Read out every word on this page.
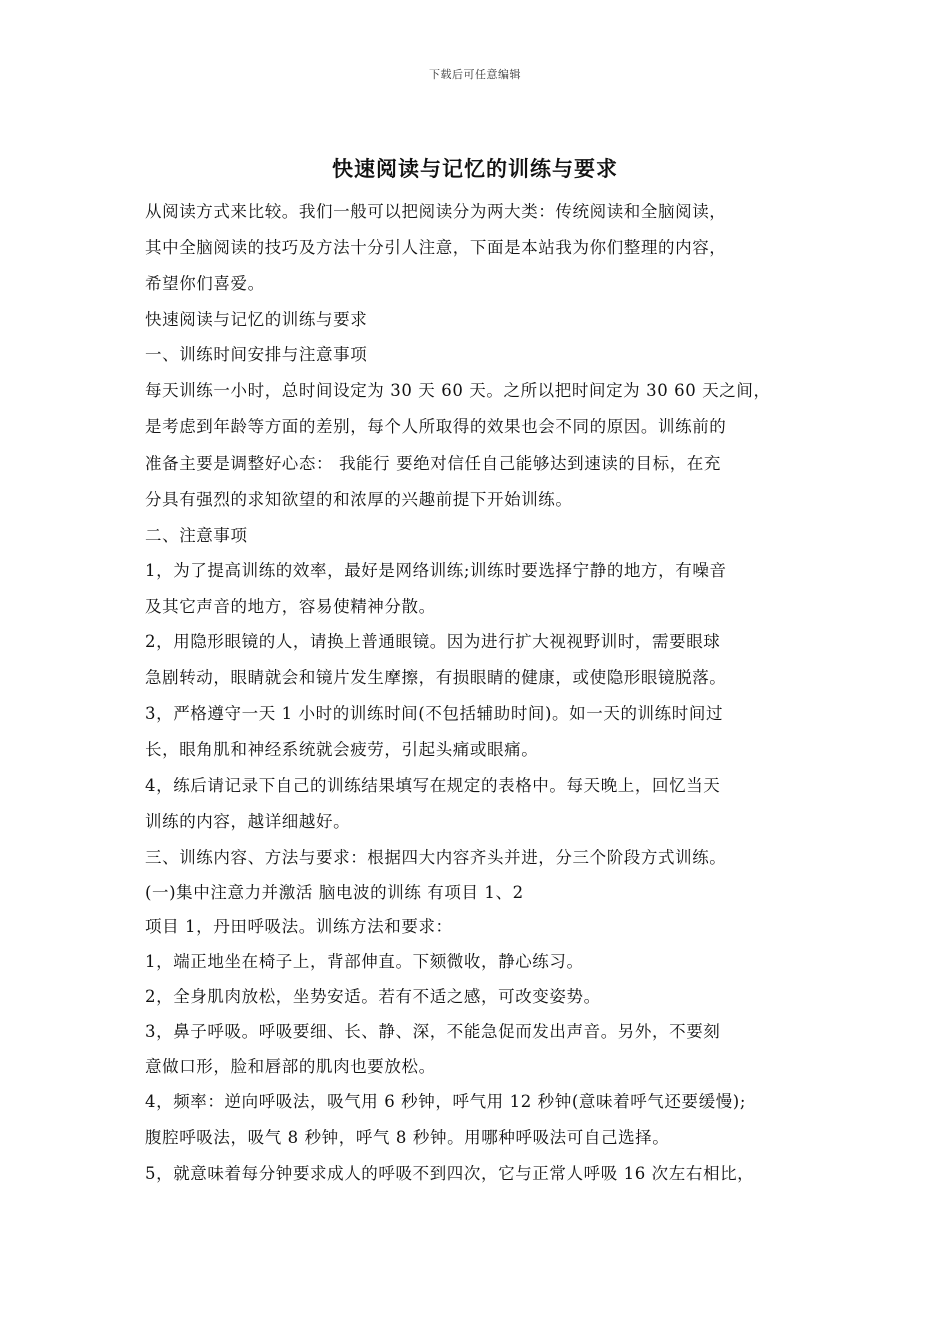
下载后可任意编辑
快速阅读与记忆的训练与要求
从阅读方式来比较。我们一般可以把阅读分为两大类：传统阅读和全脑阅读，
其中全脑阅读的技巧及方法十分引人注意，下面是本站我为你们整理的内容，
希望你们喜爱。
快速阅读与记忆的训练与要求
一、训练时间安排与注意事项
每天训练一小时，总时间设定为 30 天 60 天。之所以把时间定为 30 60 天之间，
是考虑到年龄等方面的差别，每个人所取得的效果也会不同的原因。训练前的
准备主要是调整好心态： 我能行 要绝对信任自己能够达到速读的目标，在充
分具有强烈的求知欲望的和浓厚的兴趣前提下开始训练。
二、注意事项
1，为了提高训练的效率，最好是网络训练;训练时要选择宁静的地方，有噪音
及其它声音的地方，容易使精神分散。
2，用隐形眼镜的人，请换上普通眼镜。因为进行扩大视视野训时，需要眼球
急剧转动，眼睛就会和镜片发生摩擦，有损眼睛的健康，或使隐形眼镜脱落。
3，严格遵守一天 1 小时的训练时间(不包括辅助时间)。如一天的训练时间过
长，眼角肌和神经系统就会疲劳，引起头痛或眼痛。
4，练后请记录下自己的训练结果填写在规定的表格中。每天晚上，回忆当天
训练的内容，越详细越好。
三、训练内容、方法与要求：根据四大内容齐头并进，分三个阶段方式训练。
(一)集中注意力并激活 脑电波的训练 有项目 1、2
项目 1，丹田呼吸法。训练方法和要求：
1，端正地坐在椅子上，背部伸直。下颏微收，静心练习。
2，全身肌肉放松，坐势安适。若有不适之感，可改变姿势。
3，鼻子呼吸。呼吸要细、长、静、深，不能急促而发出声音。另外，不要刻
意做口形，脸和唇部的肌肉也要放松。
4，频率：逆向呼吸法，吸气用 6 秒钟，呼气用 12 秒钟(意味着呼气还要缓慢);
腹腔呼吸法，吸气 8 秒钟，呼气 8 秒钟。用哪种呼吸法可自己选择。
5，就意味着每分钟要求成人的呼吸不到四次，它与正常人呼吸 16 次左右相比，
